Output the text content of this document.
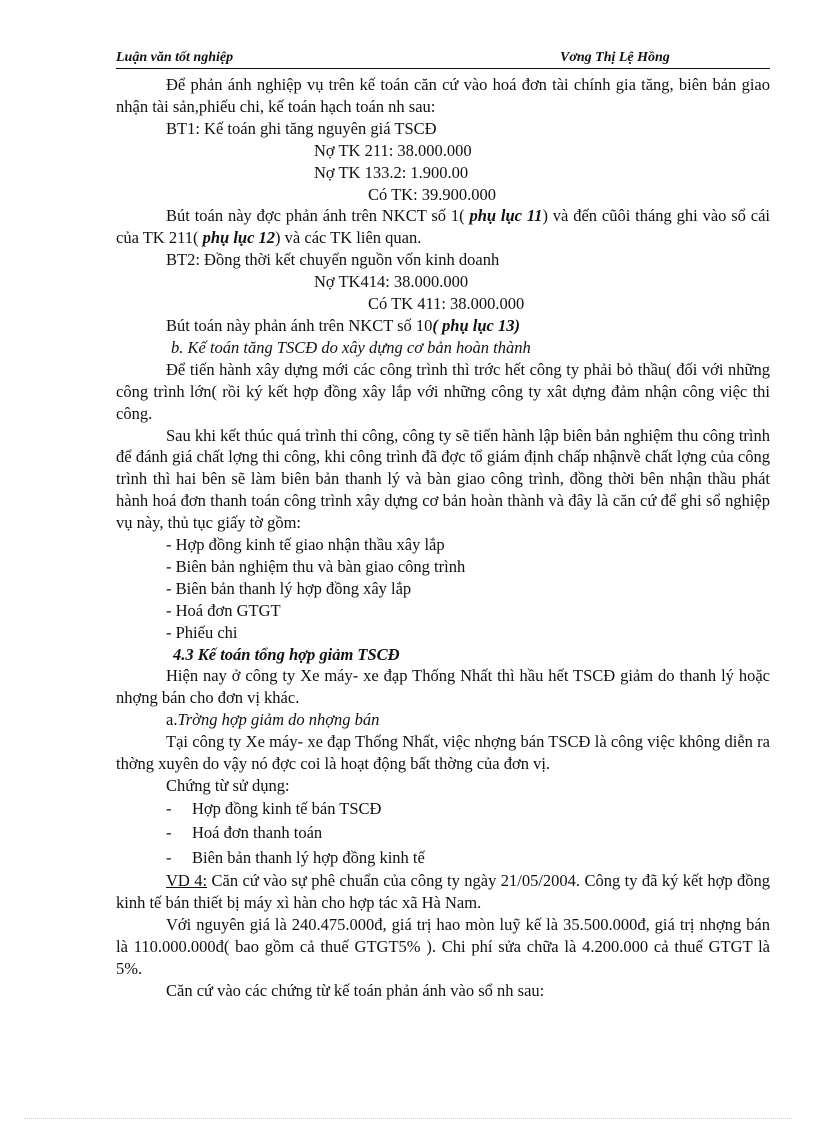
Luận văn tốt nghiệp	Vơng Thị Lệ Hồng

Để phản ánh nghiệp vụ trên kế toán căn cứ vào hoá đơn tài chính gia tăng, biên bản giao nhận tài sản,phiếu chi, kế toán hạch toán nh sau:

BT1: Kế toán ghi tăng nguyên giá TSCĐ

Nợ TK 211: 38.000.000

Nợ TK 133.2: 1.900.00

Có TK: 39.900.000

Bút toán này đợc phản ánh trên NKCT số 1( phụ lục 11) và đến cũôi tháng ghi vào sổ cái của TK 211( phụ lục 12) và các TK liên quan.

BT2: Đồng thời kết chuyển nguồn vốn kinh doanh

Nợ TK414: 38.000.000

Có TK 411: 38.000.000

Bút toán này phản ánh trên NKCT số 10( phụ lục 13)

b. Kế toán tăng TSCĐ do xây dựng cơ bản hoàn thành

Để tiến hành xây dựng mới các công trình thì trớc hết công ty phải bỏ thầu( đối với những công trình lớn( rồi ký kết hợp đồng xây lắp với những công ty xât dựng đảm nhận công việc thi công.

Sau khi kết thúc quá trình thi công, công ty sẽ tiến hành lập biên bản nghiệm thu công trình để đánh giá chất lợng thi công, khi công trình đã đợc tổ giám định chấp nhậnvề chất lợng của công trình thì hai bên sẽ làm biên bản thanh lý và bàn giao công trình, đồng thời bên nhận thầu phát hành hoá đơn thanh toán công trình xây dựng cơ bản hoàn thành và đây là căn cứ để ghi sổ nghiệp vụ này, thủ tục giấy tờ gồm:

- Hợp đồng kinh tế giao nhận thầu xây lắp

- Biên bản nghiệm thu và bàn giao công trình

- Biên bản thanh lý hợp đồng xây lắp

- Hoá đơn GTGT

- Phiếu chi

4.3 Kế toán tổng hợp giảm TSCĐ

Hiện nay ở công ty Xe máy- xe đạp Thống Nhất thì hầu hết TSCĐ giảm do thanh lý hoặc nhợng bán cho đơn vị khác.

a.Trờng hợp giảm do nhợng bán

Tại công ty Xe máy- xe đạp Thống Nhất, việc nhợng bán TSCĐ là công việc không diễn ra thờng xuyên do vậy nó đợc coi là hoạt động bất thờng của đơn vị.

Chứng từ sử dụng:

- Hợp đồng kinh tế bán TSCĐ

- Hoá đơn thanh toán

- Biên bản thanh lý hợp đồng kinh tế

VD 4: Căn cứ vào sự phê chuẩn của công ty ngày 21/05/2004. Công ty đã ký kết hợp đồng kinh tế bán thiết bị máy xì hàn cho hợp tác xã Hà Nam.

Với nguyên giá là 240.475.000đ, giá trị hao mòn luỹ kế là 35.500.000đ, giá trị nhợng bán là 110.000.000đ( bao gồm cả thuế GTGT5% ). Chi phí sửa chữa là 4.200.000 cả thuế GTGT là 5%.

Căn cứ vào các chứng từ kế toán phản ánh vào sổ nh sau:
